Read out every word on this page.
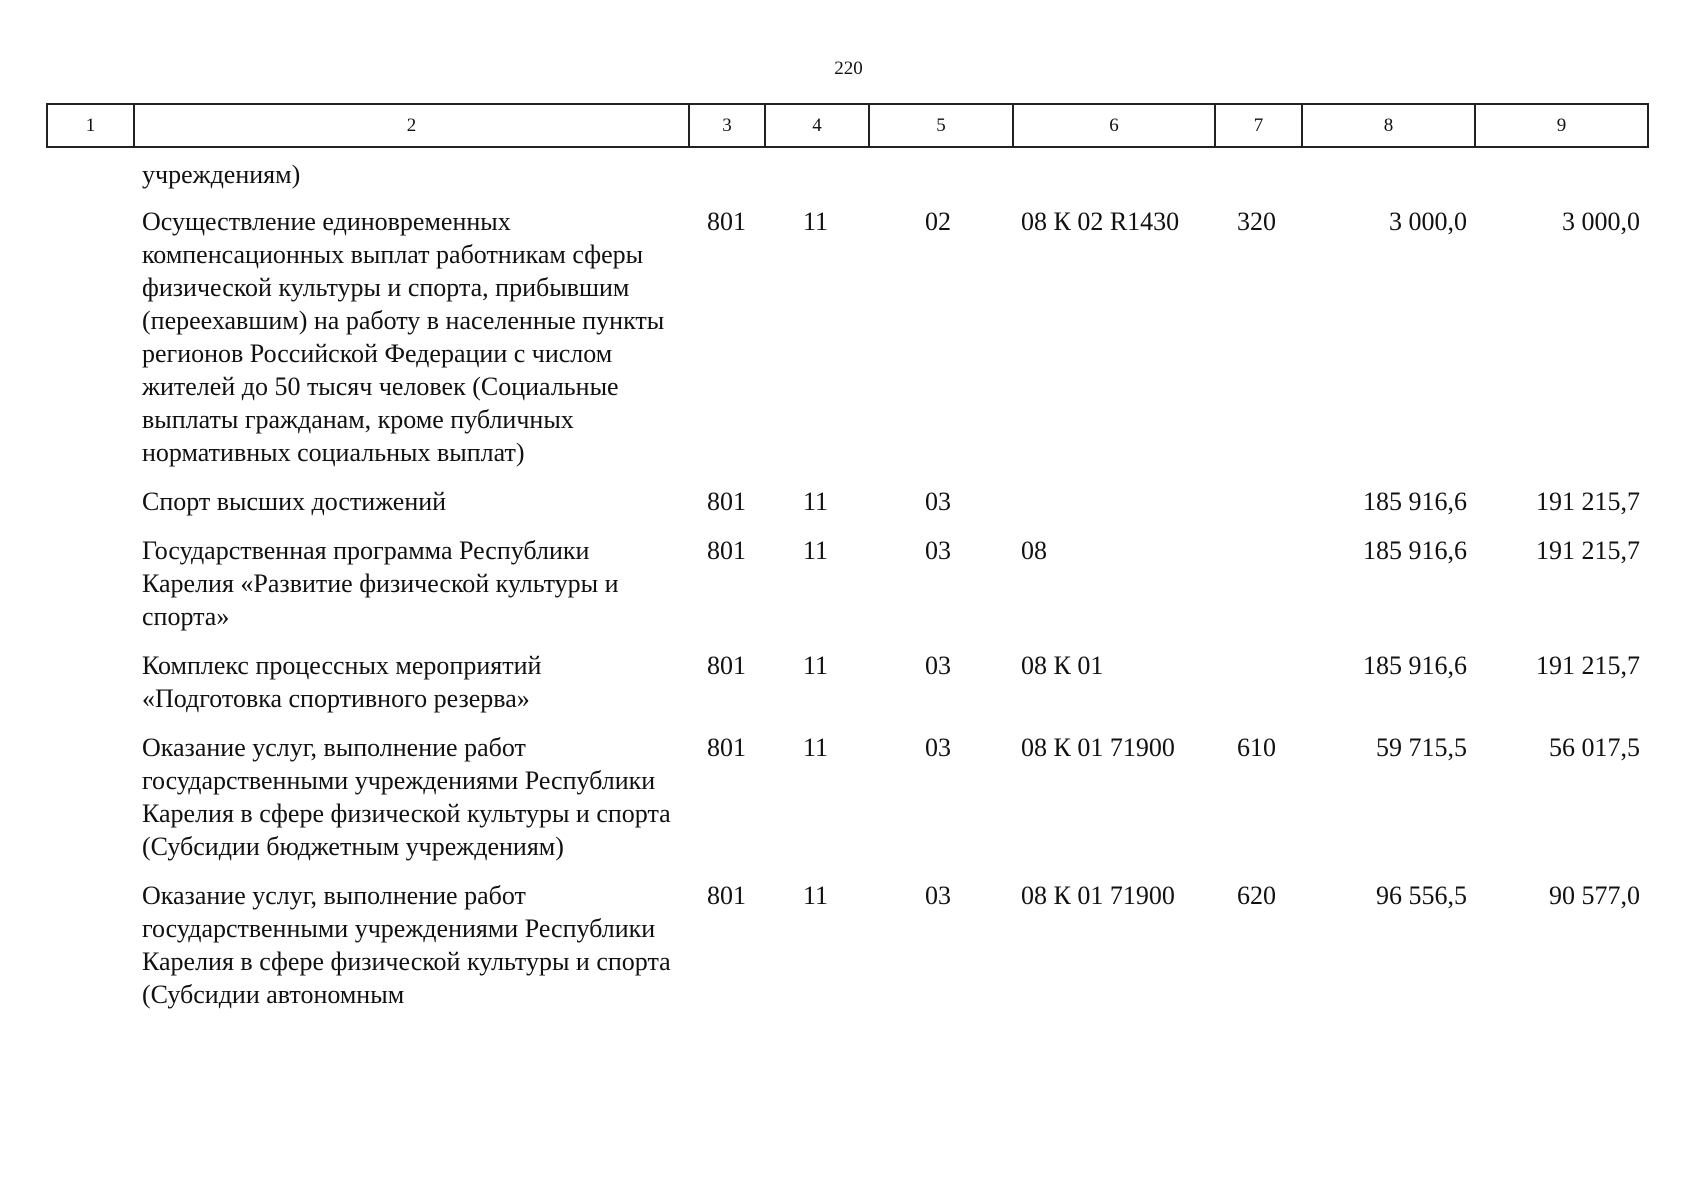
220
1	2	3	4	5	6	7	8	9
	учреждениям)							
	Осуществление единовременных компенсационных выплат работникам сферы физической культуры и спорта, прибывшим (переехавшим) на работу в населенные пункты регионов Российской Федерации с числом жителей до 50 тысяч человек (Социальные выплаты гражданам, кроме публичных нормативных социальных выплат)	801	11	02	08 К 02 R1430	320	3 000,0	3 000,0
	Спорт высших достижений	801	11	03			185 916,6	191 215,7
	Государственная программа Республики Карелия «Развитие физической культуры и спорта»	801	11	03	08		185 916,6	191 215,7
	Комплекс процессных мероприятий «Подготовка спортивного резерва»	801	11	03	08 К 01		185 916,6	191 215,7
	Оказание услуг, выполнение работ государственными учреждениями Республики Карелия в сфере физической культуры и спорта (Субсидии бюджетным учреждениям)	801	11	03	08 К 01 71900	610	59 715,5	56 017,5
	Оказание услуг, выполнение работ государственными учреждениями Республики Карелия в сфере физической культуры и спорта (Субсидии автономным	801	11	03	08 К 01 71900	620	96 556,5	90 577,0
